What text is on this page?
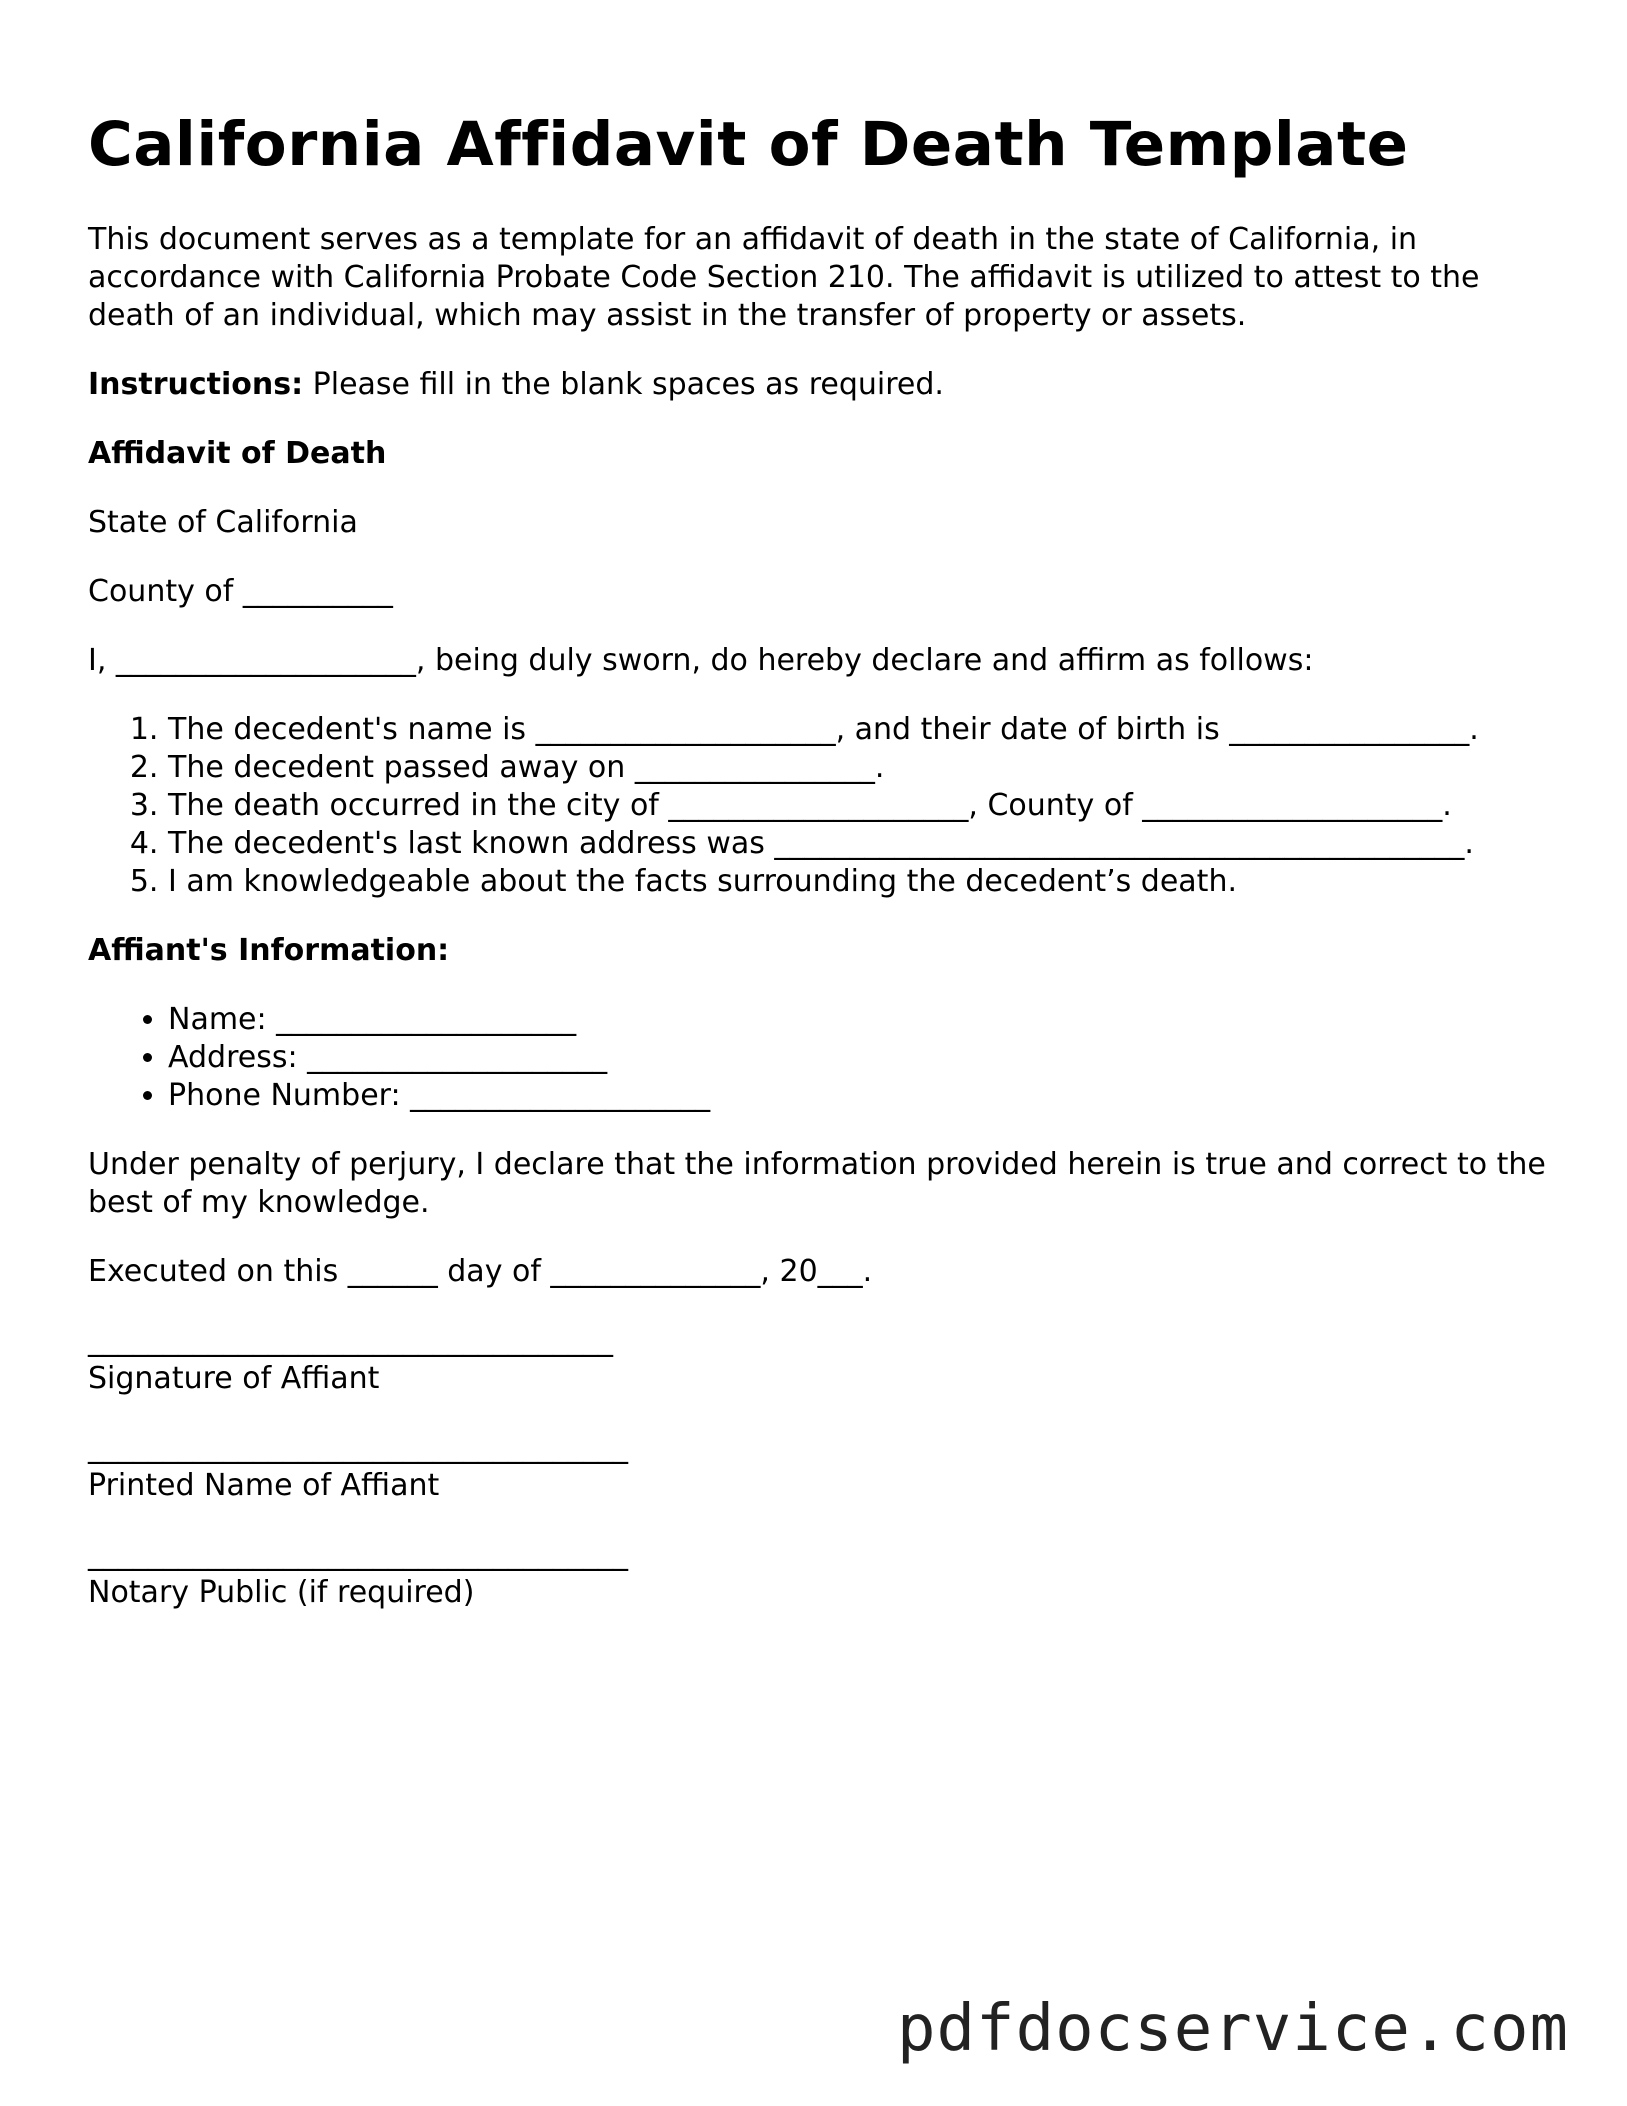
California Affidavit of Death Template

This document serves as a template for an affidavit of death in the state of California, in accordance with California Probate Code Section 210. The affidavit is utilized to attest to the death of an individual, which may assist in the transfer of property or assets.

Instructions: Please fill in the blank spaces as required.

Affidavit of Death

State of California

County of __________

I, ____________________, being duly sworn, do hereby declare and affirm as follows:

1. The decedent's name is ____________________, and their date of birth is ________________.
2. The decedent passed away on ________________.
3. The death occurred in the city of ____________________, County of ____________________.
4. The decedent's last known address was ______________________________________________.
5. I am knowledgeable about the facts surrounding the decedent’s death.

Affiant's Information:

• Name: ____________________
• Address: ____________________
• Phone Number: ____________________

Under penalty of perjury, I declare that the information provided herein is true and correct to the best of my knowledge.

Executed on this ______ day of ______________, 20___.

___________________________________
Signature of Affiant
____________________________________
Printed Name of Affiant
____________________________________
Notary Public (if required)
pdfdocservice.com
